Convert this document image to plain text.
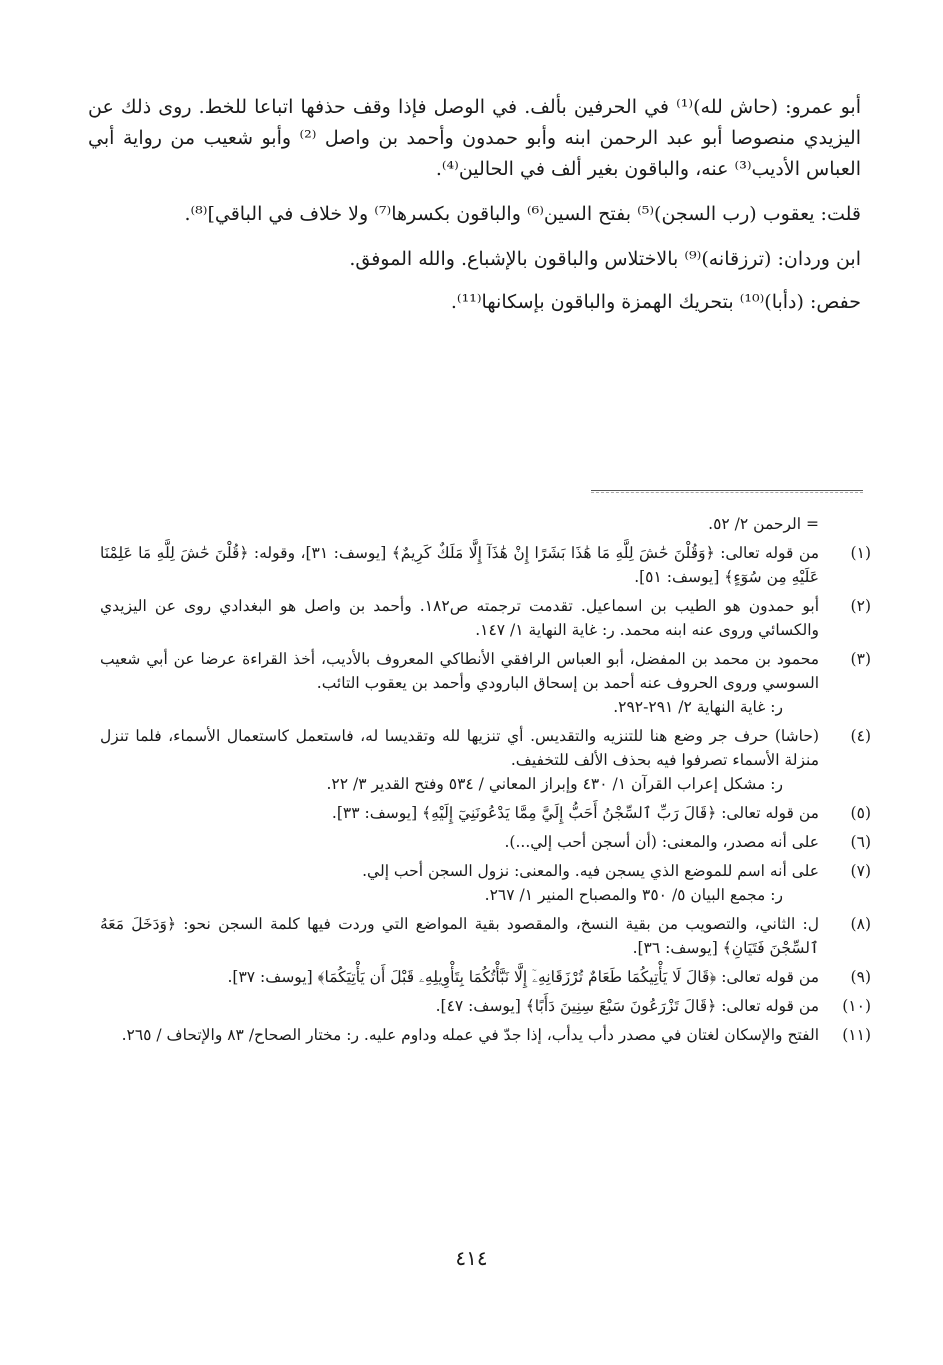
أبو عمرو: (حاش لله)⁽¹⁾ في الحرفين بألف. في الوصل فإذا وقف حذفها اتباعا للخط. روى ذلك عن اليزيدي منصوصا أبو عبد الرحمن ابنه وأبو حمدون وأحمد بن واصل ⁽²⁾ وأبو شعيب من رواية أبي العباس الأديب⁽³⁾ عنه، والباقون بغير ألف في الحالين⁽⁴⁾.

قلت: يعقوب (رب السجن)⁽⁵⁾ بفتح السين⁽⁶⁾ والباقون بكسرها⁽⁷⁾ ولا خلاف في الباقي]⁽⁸⁾.

ابن وردان: (ترزقانه)⁽⁹⁾ بالاختلاس والباقون بالإشباع. والله الموفق.

حفص: (دأبا)⁽¹⁰⁾ بتحريك الهمزة والباقون بإسكانها⁽¹¹⁾.

= الرحمن ٢/ ٥٢.
(١)
من قوله تعالى: ﴿وَقُلْنَ حَٰشَ لِلَّهِ مَا هَٰذَا بَشَرًا إِنْ هَٰذَآ إِلَّا مَلَكٌ كَرِيمٌ﴾ [يوسف: ٣١]، وقوله: ﴿قُلْنَ حَٰشَ لِلَّهِ مَا عَلِمْنَا عَلَيْهِ مِن سُوٓءٍ﴾ [يوسف: ٥١].
(٢)
أبو حمدون هو الطيب بن اسماعيل. تقدمت ترجمته ص١٨٢. وأحمد بن واصل هو البغدادي روى عن اليزيدي والكسائي وروى عنه ابنه محمد. ر: غاية النهاية ١/ ١٤٧.
(٣)
محمود بن محمد بن المفضل، أبو العباس الرافقي الأنطاكي المعروف بالأديب، أخذ القراءة عرضا عن أبي شعيب السوسي وروى الحروف عنه أحمد بن إسحاق البارودي وأحمد بن يعقوب التائب.
ر: غاية النهاية ٢/ ٢٩١-٢٩٢.
(٤)
(حاشا) حرف جر وضع هنا للتنزيه والتقديس. أي تنزيها لله وتقديسا له، فاستعمل كاستعمال الأسماء، فلما تنزل منزلة الأسماء تصرفوا فيه بحذف الألف للتخفيف.
ر: مشكل إعراب القرآن ١/ ٤٣٠ وإبراز المعاني / ٥٣٤ وفتح القدير ٣/ ٢٢.
(٥)
من قوله تعالى: ﴿قَالَ رَبِّ ٱلسِّجْنُ أَحَبُّ إِلَيَّ مِمَّا يَدْعُونَنِيٓ إِلَيْهِ﴾ [يوسف: ٣٣].
(٦)
على أنه مصدر، والمعنى: (أن أسجن أحب إلي...).
(٧)
على أنه اسم للموضع الذي يسجن فيه. والمعنى: نزول السجن أحب إلي.
ر: مجمع البيان ٥/ ٣٥٠ والمصباح المنير ١/ ٢٦٧.
(٨)
ل: الثاني، والتصويب من بقية النسخ، والمقصود بقية المواضع التي وردت فيها كلمة السجن نحو: ﴿وَدَخَلَ مَعَهُ ٱلسِّجْنَ فَتَيَانِ﴾ [يوسف: ٣٦].
(٩)
من قوله تعالى: ﴿قَالَ لَا يَأْتِيكُمَا طَعَامٌ تُرْزَقَانِهِۦٓ إِلَّا نَبَّأْتُكُمَا بِتَأْوِيلِهِۦ قَبْلَ أَن يَأْتِيَكُمَا﴾ [يوسف: ٣٧].
(١٠)
من قوله تعالى: ﴿قَالَ تَزْرَعُونَ سَبْعَ سِنِينَ دَأَبًا﴾ [يوسف: ٤٧].
(١١)
الفتح والإسكان لغتان في مصدر دأب يدأب، إذا جدّ في عمله وداوم عليه. ر: مختار الصحاح/ ٨٣ والإتحاف / ٢٦٥.
٤١٤
